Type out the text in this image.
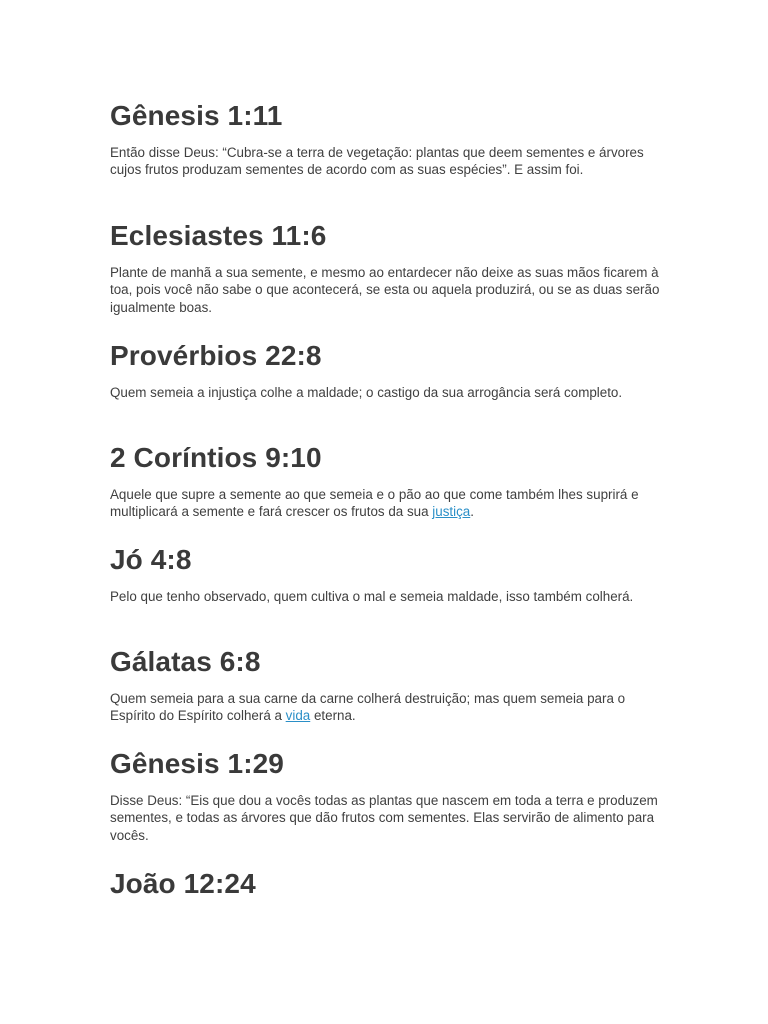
Gênesis 1:11

Então disse Deus: “Cubra-se a terra de vegetação: plantas que deem sementes e árvores cujos frutos produzam sementes de acordo com as suas espécies”. E assim foi.

Eclesiastes 11:6

Plante de manhã a sua semente, e mesmo ao entardecer não deixe as suas mãos ficarem à toa, pois você não sabe o que acontecerá, se esta ou aquela produzirá, ou se as duas serão igualmente boas.

Provérbios 22:8

Quem semeia a injustiça colhe a maldade; o castigo da sua arrogância será completo.

2 Coríntios 9:10

Aquele que supre a semente ao que semeia e o pão ao que come também lhes suprirá e multiplicará a semente e fará crescer os frutos da sua justiça.

Jó 4:8

Pelo que tenho observado, quem cultiva o mal e semeia maldade, isso também colherá.

Gálatas 6:8

Quem semeia para a sua carne da carne colherá destruição; mas quem semeia para o Espírito do Espírito colherá a vida eterna.

Gênesis 1:29

Disse Deus: “Eis que dou a vocês todas as plantas que nascem em toda a terra e produzem sementes, e todas as árvores que dão frutos com sementes. Elas servirão de alimento para vocês.

João 12:24
